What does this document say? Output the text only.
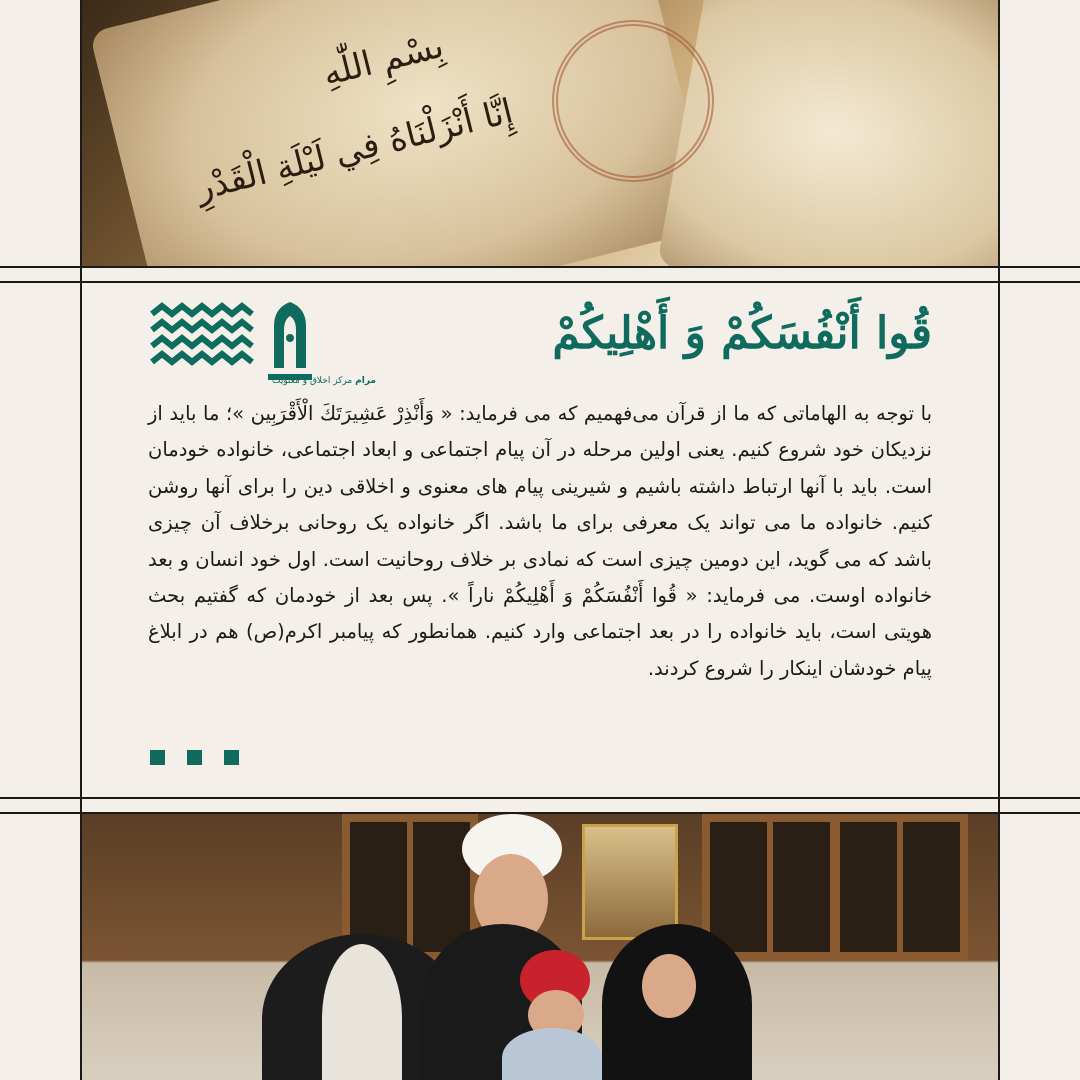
بِسْمِ اللّٰهِ
إِنَّا أَنْزَلْنَاهُ فِي لَيْلَةِ الْقَدْرِ
مرام مرکز اخلاق و معنویت
قُوا أَنْفُسَکُمْ وَ أَهْلِیکُمْ
با توجه به الهاماتی که ما از قرآن می‌فهمیم که می فرماید: « وَأَنْذِرْ عَشِيرَتَكَ الْأَقْرَبِين »؛ ما باید از نزدیکان خود شروع کنیم. یعنی اولین مرحله در آن پیام اجتماعی و ابعاد اجتماعی، خانواده خودمان است. باید با آنها ارتباط داشته باشیم و شیرینی پیام های معنوی و اخلاقی دین را برای آنها روشن کنیم. خانواده ما می تواند یک معرفی برای ما باشد. اگر خانواده یک روحانی برخلاف آن چیزی باشد که می گوید، این دومین چیزی است که نمادی بر خلاف روحانیت است. اول خود انسان و بعد خانواده اوست. می فرماید: « قُوا أَنْفُسَکُمْ وَ أَهْلِیکُمْ ناراً ». پس بعد از خودمان که گفتیم بحث هویتی است، باید خانواده را در بعد اجتماعی وارد کنیم. همانطور که پیامبر اکرم(ص) هم در ابلاغ پیام خودشان اینکار را شروع کردند.
